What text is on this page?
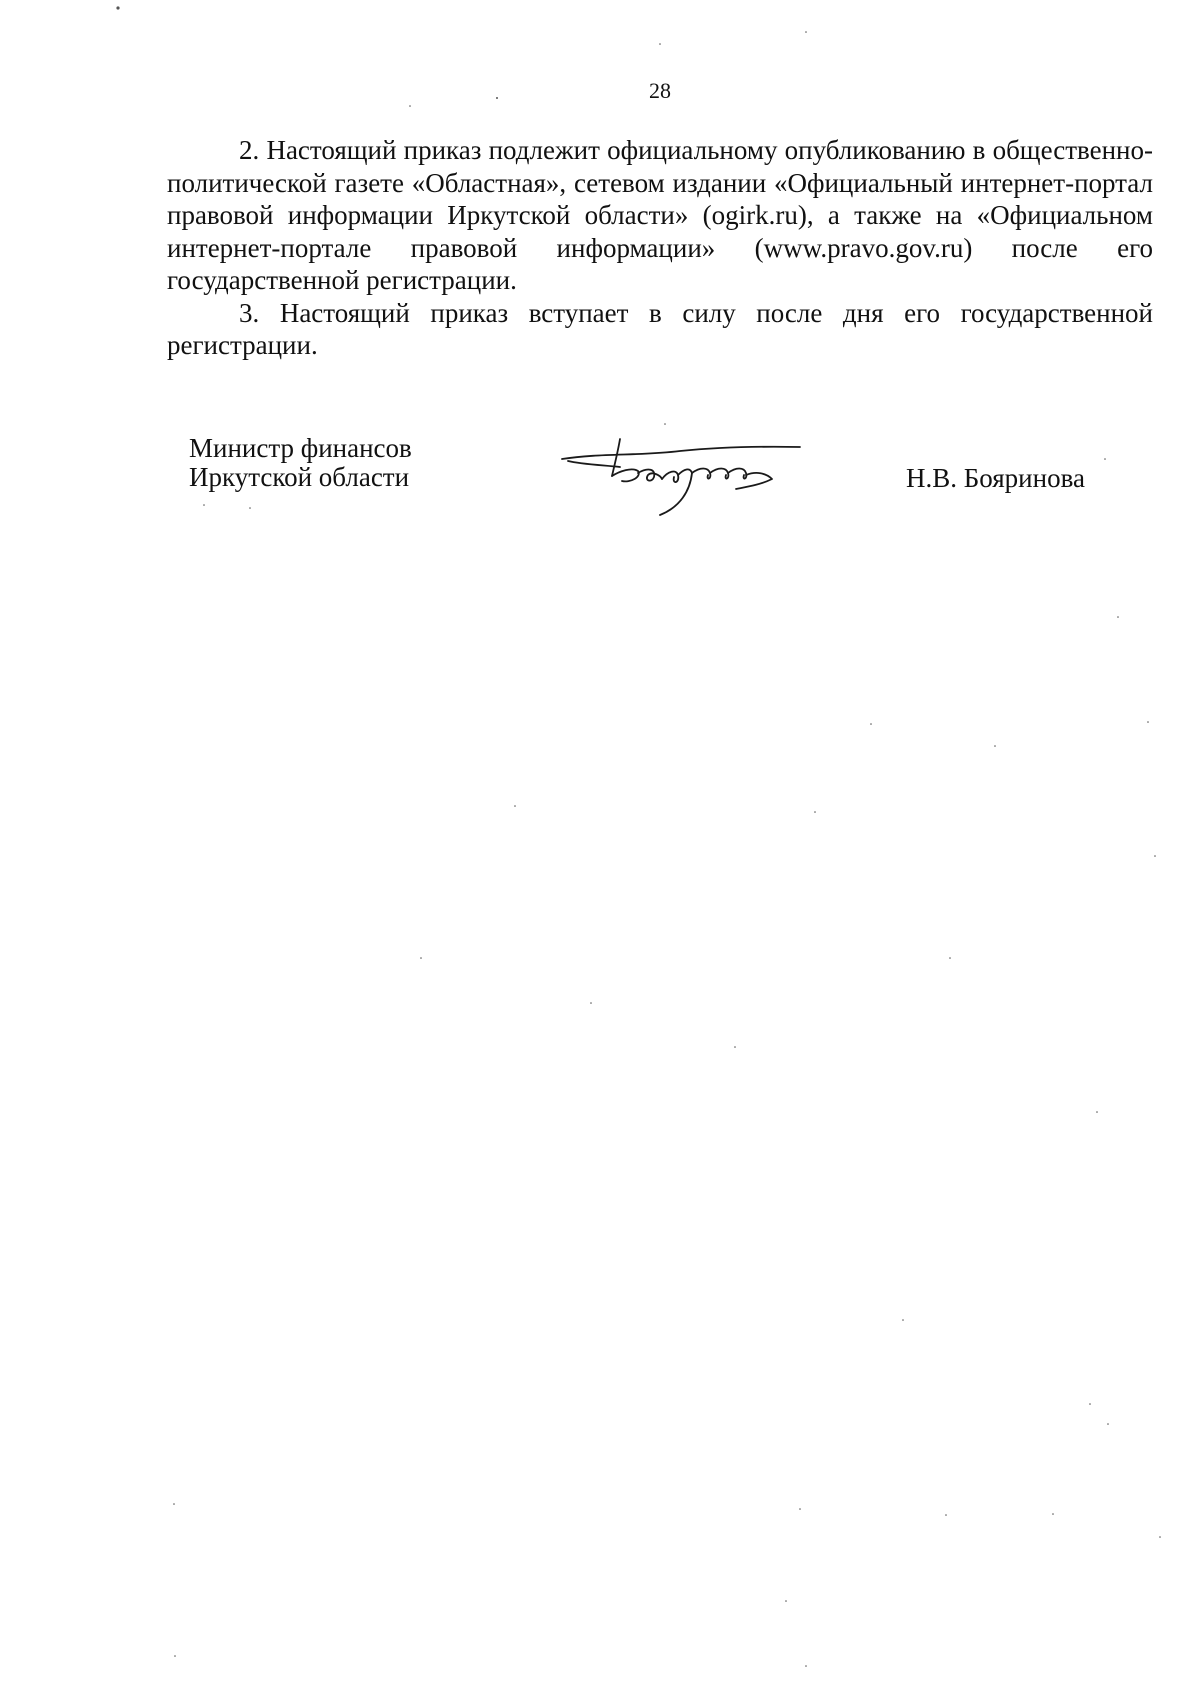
28

2. Настоящий приказ подлежит официальному опубликованию в общественно-политической газете «Областная», сетевом издании «Официальный интернет-портал правовой информации Иркутской области» (ogirk.ru), а также на «Официальном интернет-портале правовой информации» (www.pravo.gov.ru) после его государственной регистрации.

3. Настоящий приказ вступает в силу после дня его государственной регистрации.

Министр финансов
Иркутской области	Н.В. Бояринова
